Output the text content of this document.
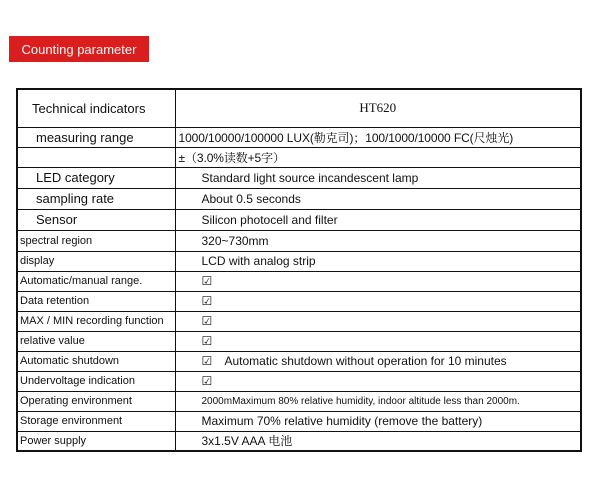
Counting parameter
Technical indicators	HT620
measuring range	1000/10000/100000 LUX(勒克司)；100/1000/10000 FC(尺烛光)
	±（3.0%读数+5字）
LED category	Standard light source incandescent lamp
sampling rate	About 0.5 seconds
Sensor	Silicon photocell and filter
spectral region	320~730mm
display	LCD with analog strip
Automatic/manual range.	☑
Data retention	☑
MAX / MIN recording function	☑
relative value	☑
Automatic shutdown	☑ Automatic shutdown without operation for 10 minutes
Undervoltage indication	☑
Operating environment	2000mMaximum 80% relative humidity, indoor altitude less than 2000m.
Storage environment	Maximum 70% relative humidity (remove the battery)
Power supply	3x1.5V AAA 电池
